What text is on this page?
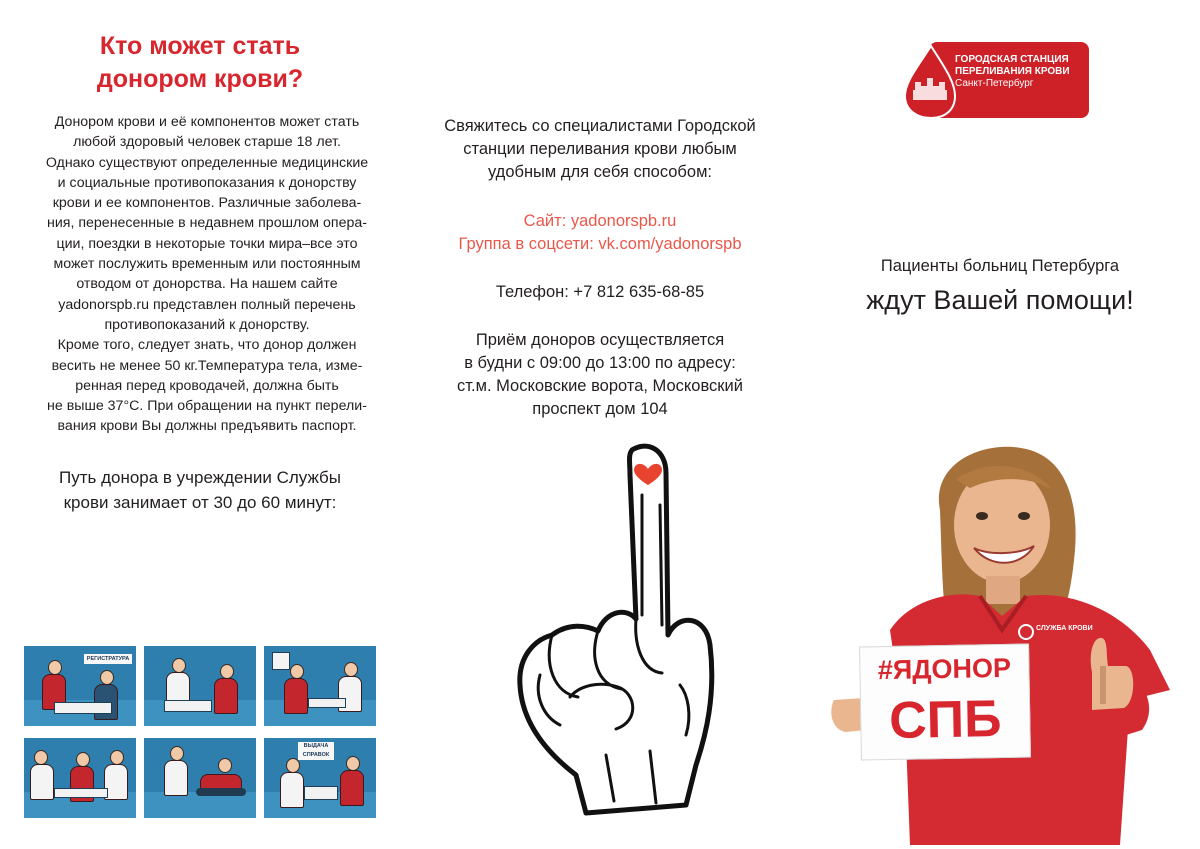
Кто может стать
донором крови?

Донором крови и её компонентов может стать

любой здоровый человек старше 18 лет.

Однако существуют определенные медицинские

и социальные противопоказания к донорству

крови и ее компонентов. Различные заболева-

ния, перенесенные в недавнем прошлом опера-

ции, поездки в некоторые точки мира–все это

может послужить временным или постоянным

отводом от донорства. На нашем сайте

yadonorspb.ru представлен полный перечень

противопоказаний к донорству.

Кроме того, следует знать, что донор должен

весить не менее 50 кг.Температура тела, изме-

ренная перед кроводачей, должна быть

не выше 37°С. При обращении на пункт перели-

вания крови Вы должны предъявить паспорт.

Путь донора в учреждении Службы
крови занимает от 30 до 60 минут:
РЕГИСТРАТУРА
ВЫДАЧА СПРАВОК
Свяжитесь со специалистами Городской
станции переливания крови любым
удобным для себя способом:
Сайт: yadonorspb.ru
Группа в соцсети: vk.com/yadonorspb
Телефон: +7 812 635-68-85
Приём доноров осуществляется
в будни с 09:00 до 13:00 по адресу:
ст.м. Московские ворота, Московский
проспект дом 104
Пациенты больниц Петербурга
ждут Вашей помощи!
ГОРОДСКАЯ СТАНЦИЯ
ПЕРЕЛИВАНИЯ КРОВИ
Санкт-Петербург
СЛУЖБА КРОВИ
#ЯДОНОР
СПБ
